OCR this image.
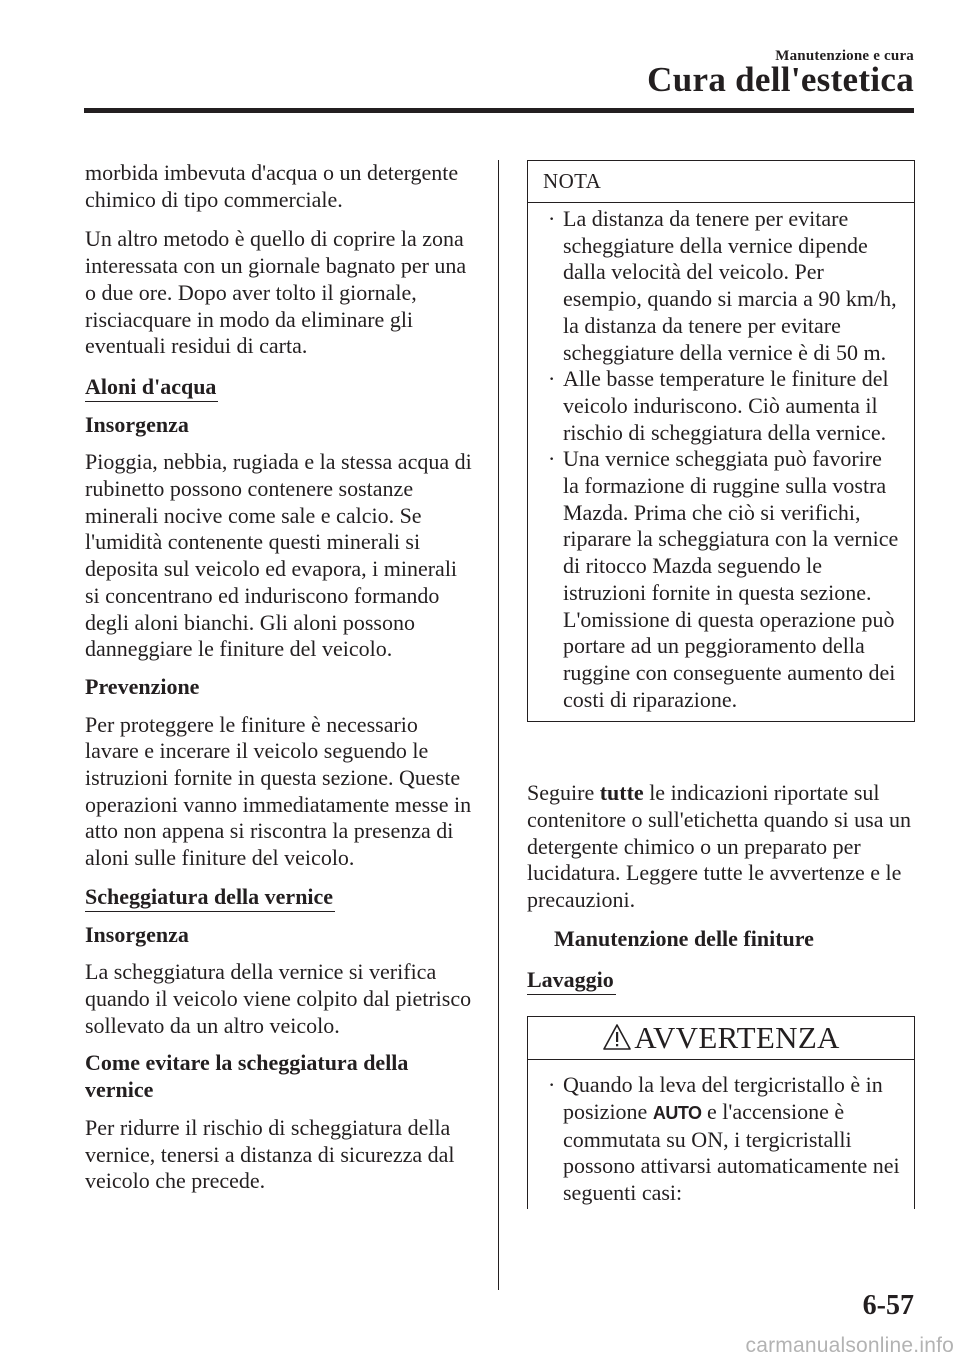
Manutenzione e cura
Cura dell'estetica

morbida imbevuta d'acqua o un detergente chimico di tipo commerciale.

Un altro metodo è quello di coprire la zona interessata con un giornale bagnato per una o due ore. Dopo aver tolto il giornale, risciacquare in modo da eliminare gli eventuali residui di carta.

Aloni d'acqua
Insorgenza

Pioggia, nebbia, rugiada e la stessa acqua di rubinetto possono contenere sostanze minerali nocive come sale e calcio. Se l'umidità contenente questi minerali si deposita sul veicolo ed evapora, i minerali si concentrano ed induriscono formando degli aloni bianchi. Gli aloni possono danneggiare le finiture del veicolo.

Prevenzione

Per proteggere le finiture è necessario lavare e incerare il veicolo seguendo le istruzioni fornite in questa sezione. Queste operazioni vanno immediatamente messe in atto non appena si riscontra la presenza di aloni sulle finiture del veicolo.

Scheggiatura della vernice
Insorgenza

La scheggiatura della vernice si verifica quando il veicolo viene colpito dal pietrisco sollevato da un altro veicolo.

Come evitare la scheggiatura della vernice

Per ridurre il rischio di scheggiatura della vernice, tenersi a distanza di sicurezza dal veicolo che precede.

NOTA
· La distanza da tenere per evitare scheggiature della vernice dipende dalla velocità del veicolo. Per esempio, quando si marcia a 90 km/h, la distanza da tenere per evitare scheggiature della vernice è di 50 m.
· Alle basse temperature le finiture del veicolo induriscono. Ciò aumenta il rischio di scheggiatura della vernice.
· Una vernice scheggiata può favorire la formazione di ruggine sulla vostra Mazda. Prima che ciò si verifichi, riparare la scheggiatura con la vernice di ritocco Mazda seguendo le istruzioni fornite in questa sezione. L'omissione di questa operazione può portare ad un peggioramento della ruggine con conseguente aumento dei costi di riparazione.

Seguire tutte le indicazioni riportate sul contenitore o sull'etichetta quando si usa un detergente chimico o un preparato per lucidatura. Leggere tutte le avvertenze e le precauzioni.

Manutenzione delle finiture
Lavaggio
AVVERTENZA
· Quando la leva del tergicristallo è in posizione AUTO e l'accensione è commutata su ON, i tergicristalli possono attivarsi automaticamente nei seguenti casi:
6-57
carmanualsonline.info
